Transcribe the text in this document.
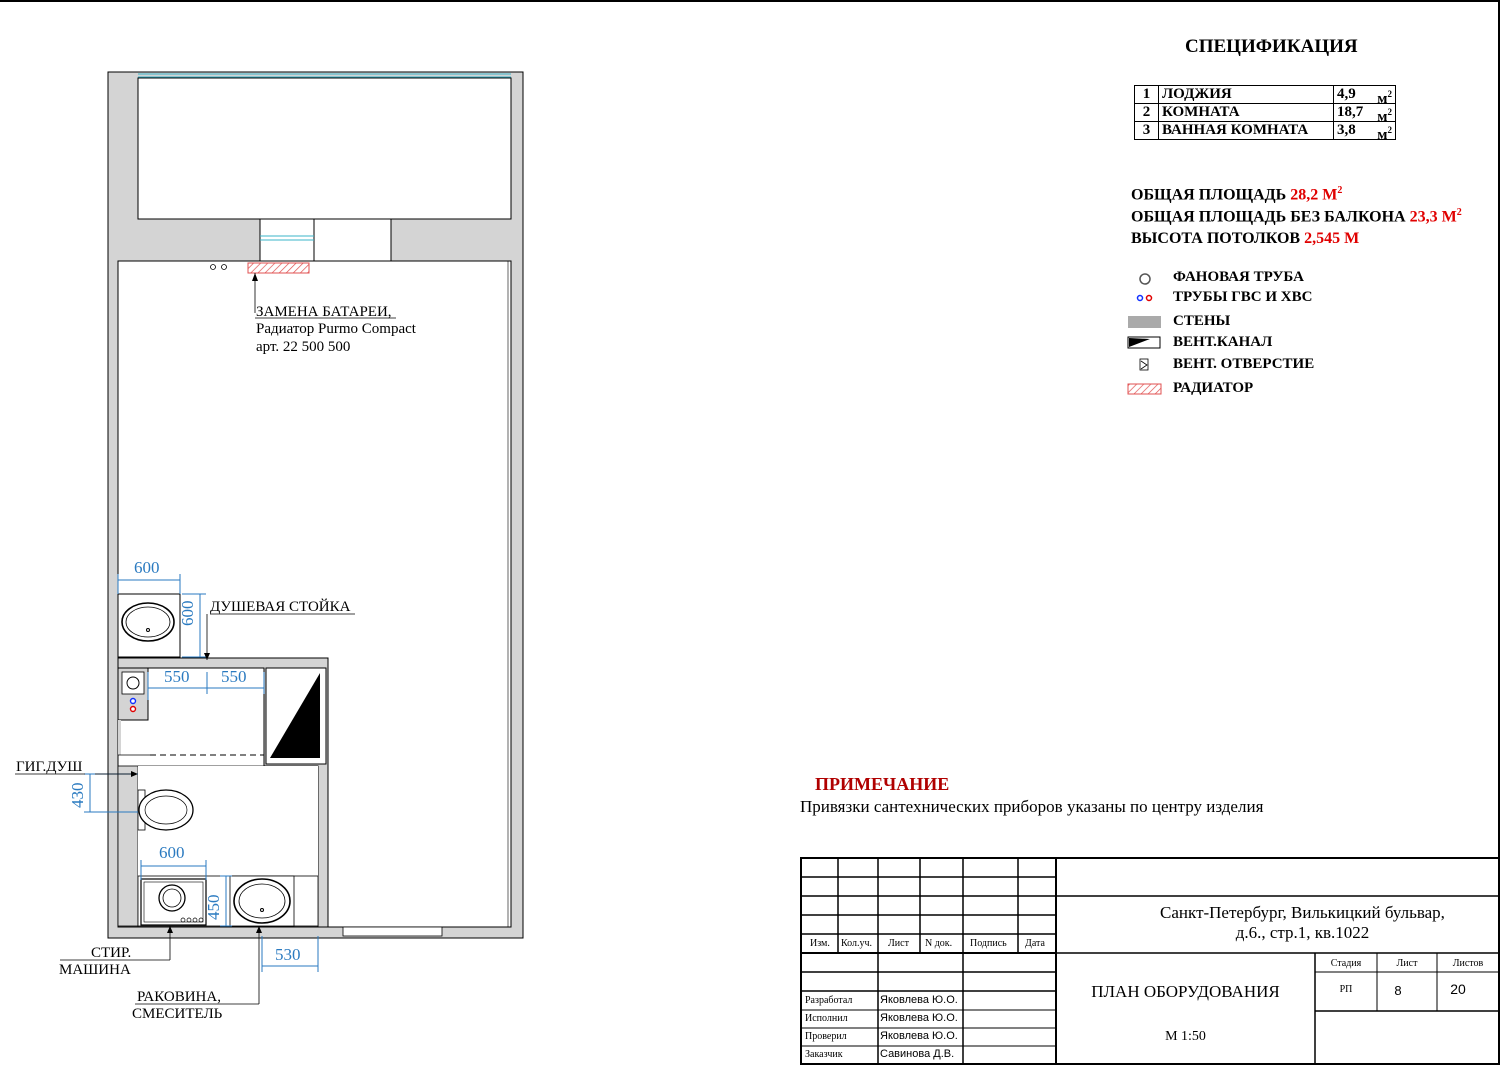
СПЕЦИФИКАЦИЯ
1	ЛОДЖИЯ	4,9 $м^2$

2	КОМНАТА	18,7 $м^2$

3	ВАННАЯ КОМНАТА	3,8 $м^2$
ОБЩАЯ ПЛОЩАДЬ 28,2 $М^2$
ОБЩАЯ ПЛОЩАДЬ БЕЗ БАЛКОНА 23,3 $М^2$
ВЫСОТА ПОТОЛКОВ 2,545 М
ФАНОВАЯ ТРУБА
ТРУБЫ ГВС И ХВС
СТЕНЫ
ВЕНТ.КАНАЛ
ВЕНТ. ОТВЕРСТИЕ
РАДИАТОР
ПРИМЕЧАНИЕ
Привязки сантехнических приборов указаны по центру изделия
ЗАМЕНА БАТАРЕИ,
Радиатор Purmo Compact
арт. 22 500 500
ДУШЕВАЯ СТОЙКА
ГИГ.ДУШ
СТИР.
МАШИНА
РАКОВИНА,
СМЕСИТЕЛЬ
600
600
550 550
430
600
450
530
Санкт-Петербург, Вилькицкий бульвар,
д.6., стр.1, кв.1022
Изм. Кол.уч. Лист N док. Подпись Дата
ПЛАН ОБОРУДОВАНИЯ
М 1:50
Стадия	Лист	Листов
РП	8	20
Разработал	Яковлева Ю.О.
Исполнил	Яковлева Ю.О.
Проверил	Яковлева Ю.О.
Заказчик	Савинова Д.В.
